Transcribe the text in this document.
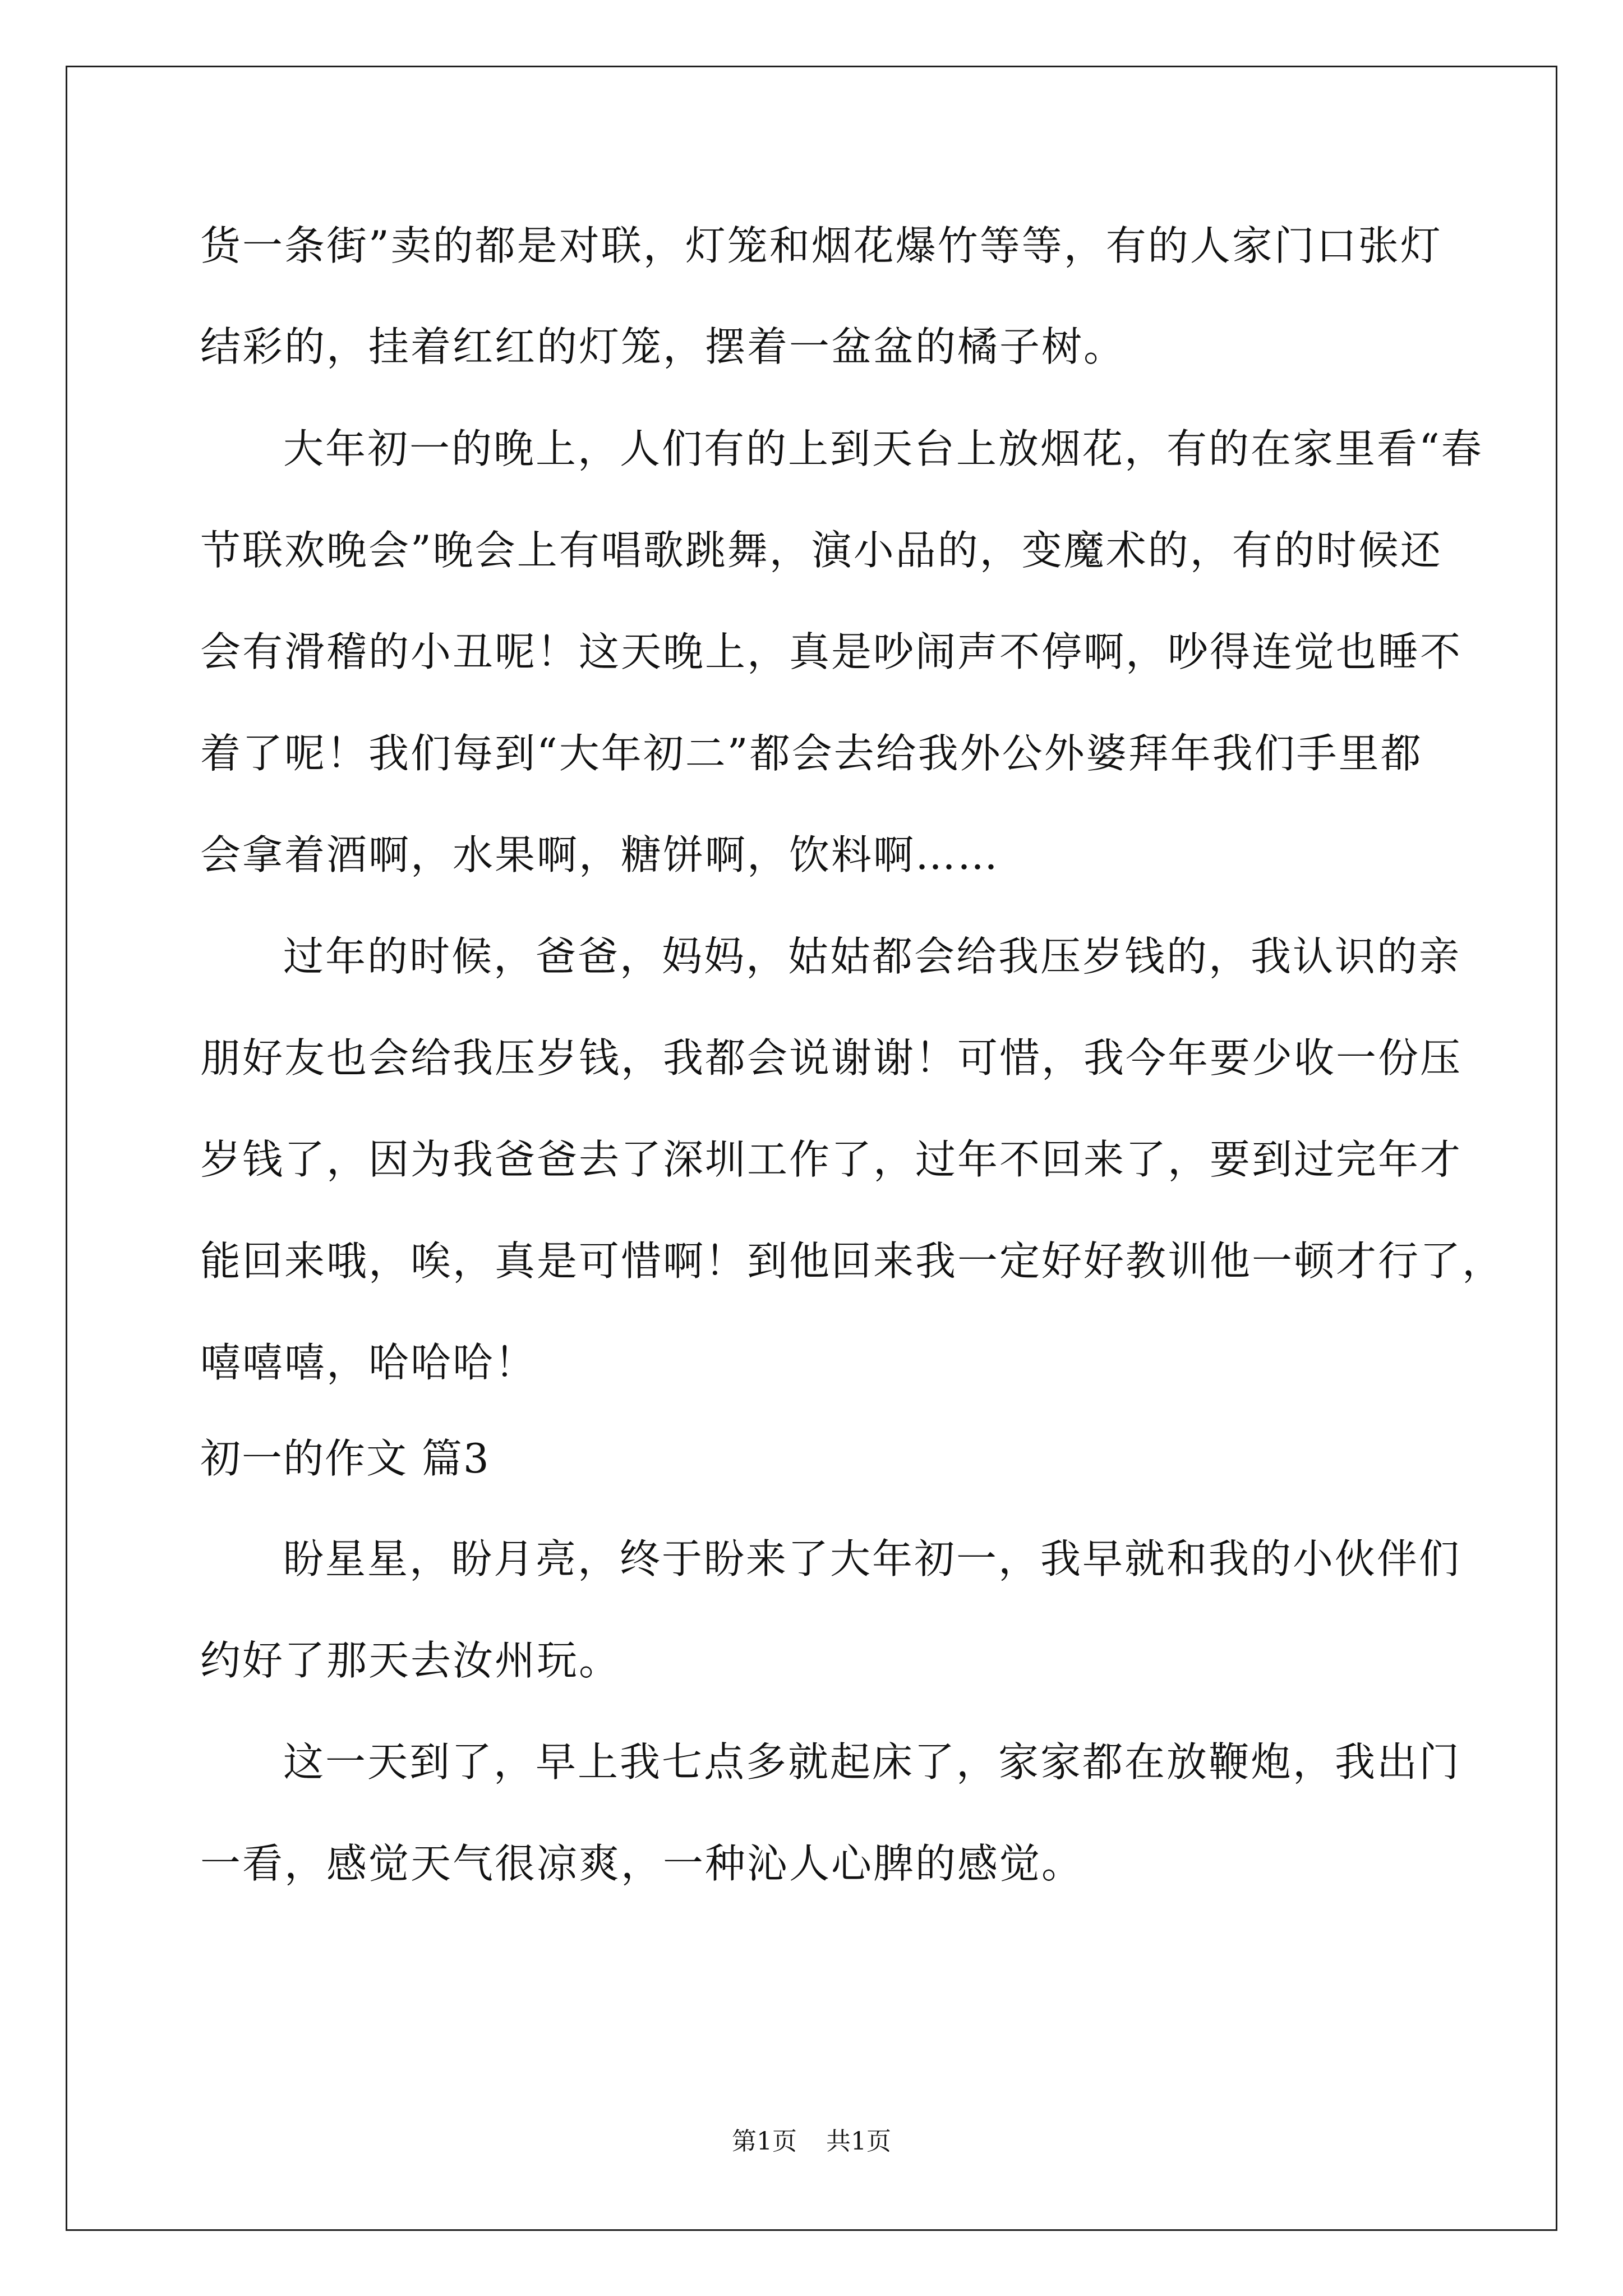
货一条街”卖的都是对联，灯笼和烟花爆竹等等，有的人家门口张灯
结彩的，挂着红红的灯笼，摆着一盆盆的橘子树。
大年初一的晚上，人们有的上到天台上放烟花，有的在家里看“春
节联欢晚会”晚会上有唱歌跳舞，演小品的，变魔术的，有的时候还
会有滑稽的小丑呢！这天晚上，真是吵闹声不停啊，吵得连觉也睡不
着了呢！我们每到“大年初二”都会去给我外公外婆拜年我们手里都
会拿着酒啊，水果啊，糖饼啊，饮料啊……
过年的时候，爸爸，妈妈，姑姑都会给我压岁钱的，我认识的亲
朋好友也会给我压岁钱，我都会说谢谢！可惜，我今年要少收一份压
岁钱了，因为我爸爸去了深圳工作了，过年不回来了，要到过完年才
能回来哦，唉，真是可惜啊！到他回来我一定好好教训他一顿才行了，
嘻嘻嘻，哈哈哈！
初一的作文 篇3
盼星星，盼月亮，终于盼来了大年初一，我早就和我的小伙伴们
约好了那天去汝州玩。
这一天到了，早上我七点多就起床了，家家都在放鞭炮，我出门
一看，感觉天气很凉爽，一种沁人心脾的感觉。
第1页 共1页
